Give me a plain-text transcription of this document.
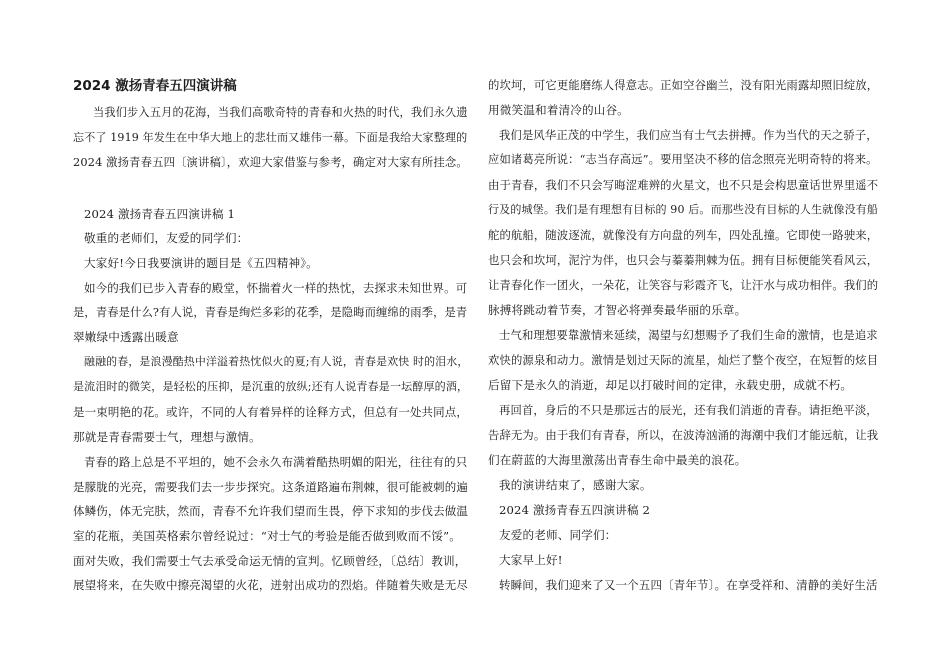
2024 激扬青春五四演讲稿
当我们步入五月的花海，当我们高歌奇特的青春和火热的时代，我们永久遗
忘不了 1919 年发生在中华大地上的悲壮而又雄伟一幕。下面是我给大家整理的
2024 激扬青春五四〔演讲稿〕，欢迎大家借鉴与参考，确定对大家有所挂念。
2024 激扬青春五四演讲稿 1
敬重的老师们，友爱的同学们：
大家好!今日我要演讲的题目是《五四精神》。
如今的我们已步入青春的殿堂，怀揣着火一样的热忱，去探求未知世界。可
是，青春是什么?有人说，青春是绚烂多彩的花季，是隐晦而缠绵的雨季，是青
翠嫩绿中透露出暖意
融融的春，是浪漫酷热中洋溢着热忱似火的夏;有人说，青春是欢快 时的泪水，
是流泪时的微笑，是轻松的压抑，是沉重的放纵;还有人说青春是一坛醇厚的酒，
是一束明艳的花。或许，不同的人有着异样的诠释方式，但总有一处共同点，
那就是青春需要士气，理想与激情。
青春的路上总是不平坦的，她不会永久布满着酷热明媚的阳光，往往有的只
是朦胧的光亮，需要我们去一步步探究。这条道路遍布荆棘，很可能被刺的遍
体鳞伤，体无完肤，然而，青春不允许我们望而生畏，停下求知的步伐去做温
室的花瓶，美国英格索尔曾经说过：“对士气的考验是能否做到败而不馁”。
面对失败，我们需要士气去承受命运无情的宣判。忆顾曾经，〔总结〕教训，
展望将来，在失败中擦亮渴望的火花，迸射出成功的烈焰。伴随着失败是无尽
的坎坷，可它更能磨练人得意志。正如空谷幽兰，没有阳光雨露却照旧绽放，
用微笑温和着清冷的山谷。
我们是风华正茂的中学生，我们应当有士气去拼搏。作为当代的天之骄子，
应如诸葛亮所说：“志当存高远”。要用坚决不移的信念照亮光明奇特的将来。
由于青春，我们不只会写晦涩难辨的火星文，也不只是会构思童话世界里遥不
行及的城堡。我们是有理想有目标的 90 后。而那些没有目标的人生就像没有船
舵的航船，随波逐流，就像没有方向盘的列车，四处乱撞。它即使一路驶来，
也只会和坎坷，泥泞为伴，也只会与蓁蓁荆棘为伍。拥有目标便能笑看风云，
让青春化作一团火，一朵花，让笑容与彩霞齐飞，让汗水与成功相伴。我们的
脉搏将跳动着节奏，才智必将弹奏最华丽的乐章。
士气和理想要靠激情来延续，渴望与幻想赐予了我们生命的激情，也是追求
欢快的源泉和动力。激情是划过天际的流星，灿烂了整个夜空，在短暂的炫目
后留下是永久的消逝，却足以打破时间的定律，永载史册，成就不朽。
再回首，身后的不只是那远古的辰光，还有我们消逝的青春。请拒绝平淡，
告辞无为。由于我们有青春，所以，在波涛汹涌的海潮中我们才能远航，让我
们在蔚蓝的大海里激荡出青春生命中最美的浪花。
我的演讲结束了，感谢大家。
2024 激扬青春五四演讲稿 2
友爱的老师、同学们：
大家早上好!
转瞬间，我们迎来了又一个五四〔青年节〕。在享受祥和、清静的美好生活
